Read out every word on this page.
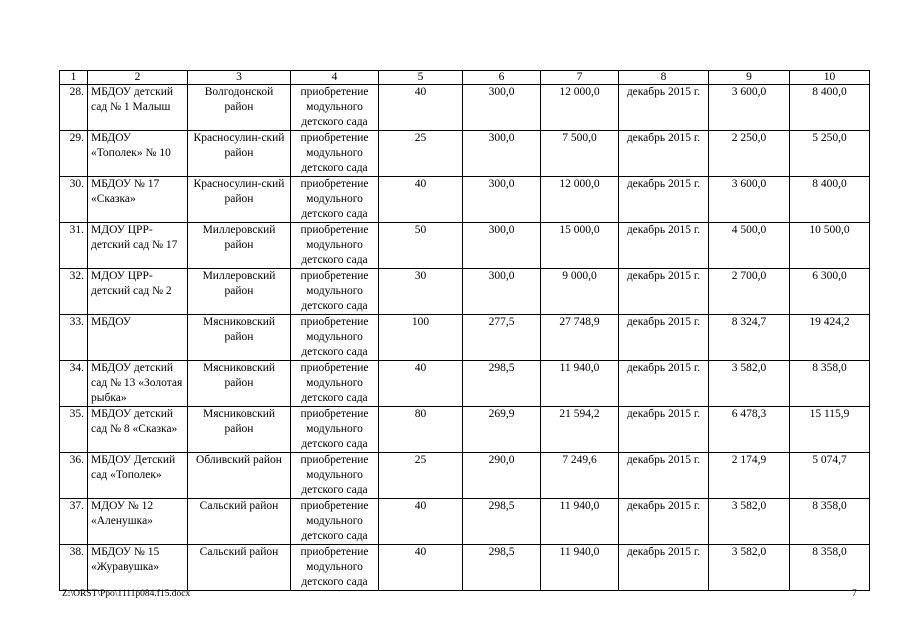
1	2	3	4	5	6	7	8	9	10
28.	МБДОУ детский сад № 1 Малыш	Волгодонской район	приобретение модульного детского сада	40	300,0	12 000,0	декабрь 2015 г.	3 600,0	8 400,0
29.	МБДОУ «Тополек» № 10	Красносулин-ский район	приобретение модульного детского сада	25	300,0	7 500,0	декабрь 2015 г.	2 250,0	5 250,0
30.	МБДОУ № 17 «Сказка»	Красносулин-ский район	приобретение модульного детского сада	40	300,0	12 000,0	декабрь 2015 г.	3 600,0	8 400,0
31.	МДОУ ЦРР-детский сад № 17	Миллеровский район	приобретение модульного детского сада	50	300,0	15 000,0	декабрь 2015 г.	4 500,0	10 500,0
32.	МДОУ ЦРР-детский сад № 2	Миллеровский район	приобретение модульного детского сада	30	300,0	9 000,0	декабрь 2015 г.	2 700,0	6 300,0
33.	МБДОУ	Мясниковский район	приобретение модульного детского сада	100	277,5	27 748,9	декабрь 2015 г.	8 324,7	19 424,2
34.	МБДОУ детский сад № 13 «Золотая рыбка»	Мясниковский район	приобретение модульного детского сада	40	298,5	11 940,0	декабрь 2015 г.	3 582,0	8 358,0
35.	МБДОУ детский сад № 8 «Сказка»	Мясниковский район	приобретение модульного детского сада	80	269,9	21 594,2	декабрь 2015 г.	6 478,3	15 115,9
36.	МБДОУ Детский сад «Тополек»	Обливский район	приобретение модульного детского сада	25	290,0	7 249,6	декабрь 2015 г.	2 174,9	5 074,7
37.	МДОУ № 12 «Аленушка»	Сальский район	приобретение модульного детского сада	40	298,5	11 940,0	декабрь 2015 г.	3 582,0	8 358,0
38.	МБДОУ № 15 «Журавушка»	Сальский район	приобретение модульного детского сада	40	298,5	11 940,0	декабрь 2015 г.	3 582,0	8 358,0
Z:\ORST\Ppo\1111p084.f15.docx	7
